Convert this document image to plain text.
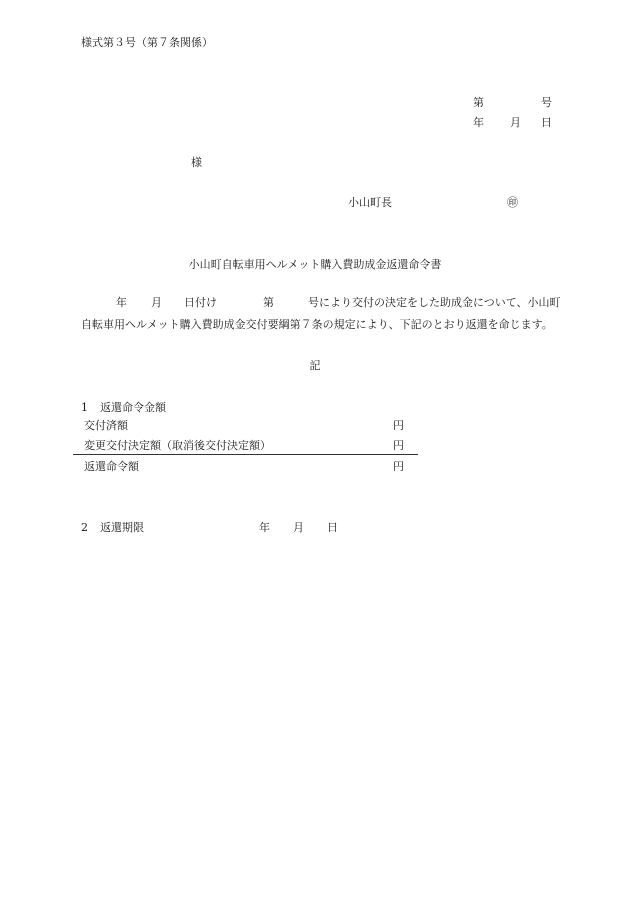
様式第３号（第７条関係）
第	号
年 月 日
様
小山町長	㊞
小山町自転車用ヘルメット購入費助成金返還命令書
年 月 日付け	第	号により交付の決定をした助成金について、小山町
自転車用ヘルメット購入費助成金交付要綱第７条の規定により、下記のとおり返還を命じます。
記
1 返還命令金額
交付済額	円
変更交付決定額（取消後交付決定額）	円
返還命令額	円
2 返還期限	年 月 日
